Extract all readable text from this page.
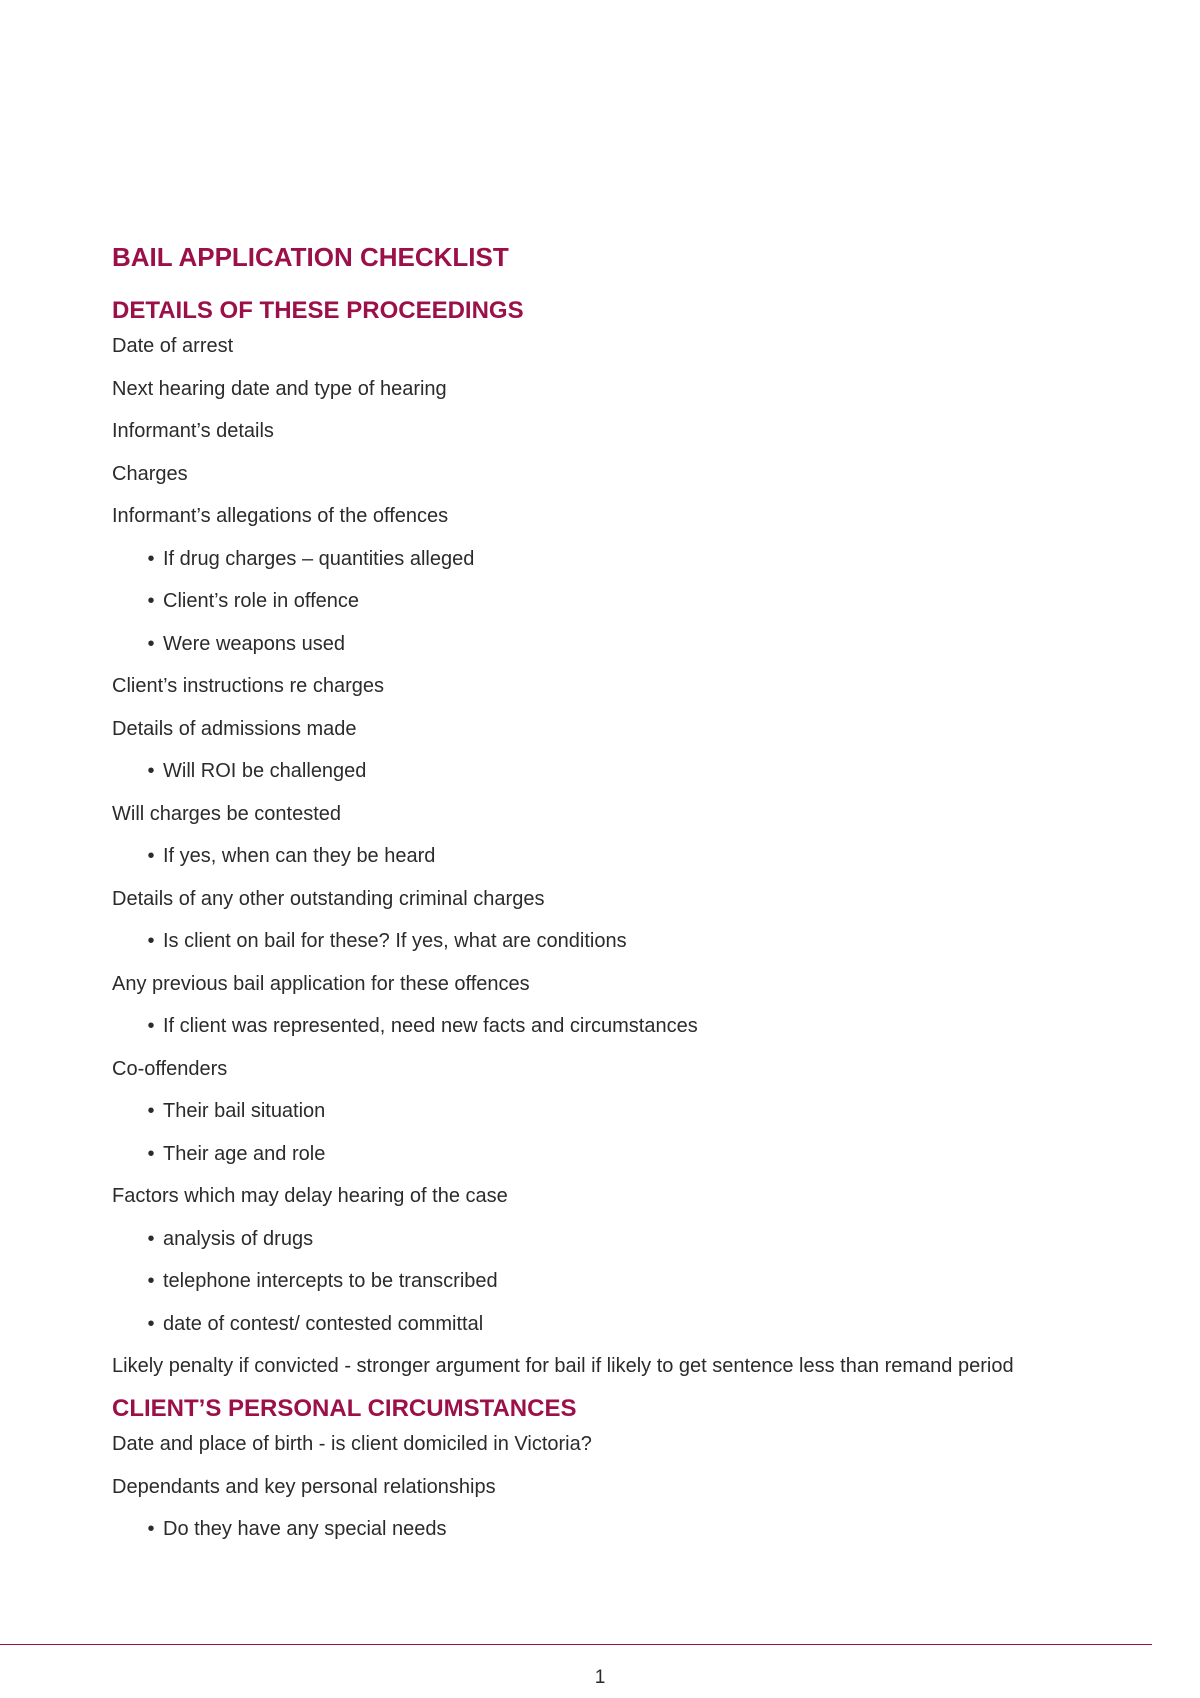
BAIL APPLICATION CHECKLIST
DETAILS OF THESE PROCEEDINGS
Date of arrest
Next hearing date and type of hearing
Informant’s details
Charges
Informant’s allegations of the offences
• If drug charges – quantities alleged
• Client’s role in offence
• Were weapons used
Client’s instructions re charges
Details of admissions made
• Will ROI be challenged
Will charges be contested
• If yes, when can they be heard
Details of any other outstanding criminal charges
• Is client on bail for these? If yes, what are conditions
Any previous bail application for these offences
• If client was represented, need new facts and circumstances
Co-offenders
• Their bail situation
• Their age and role
Factors which may delay hearing of the case
• analysis of drugs
• telephone intercepts to be transcribed
• date of contest/ contested committal
Likely penalty if convicted - stronger argument for bail if likely to get sentence less than remand period
CLIENT’S PERSONAL CIRCUMSTANCES
Date and place of birth - is client domiciled in Victoria?
Dependants and key personal relationships
• Do they have any special needs
1
